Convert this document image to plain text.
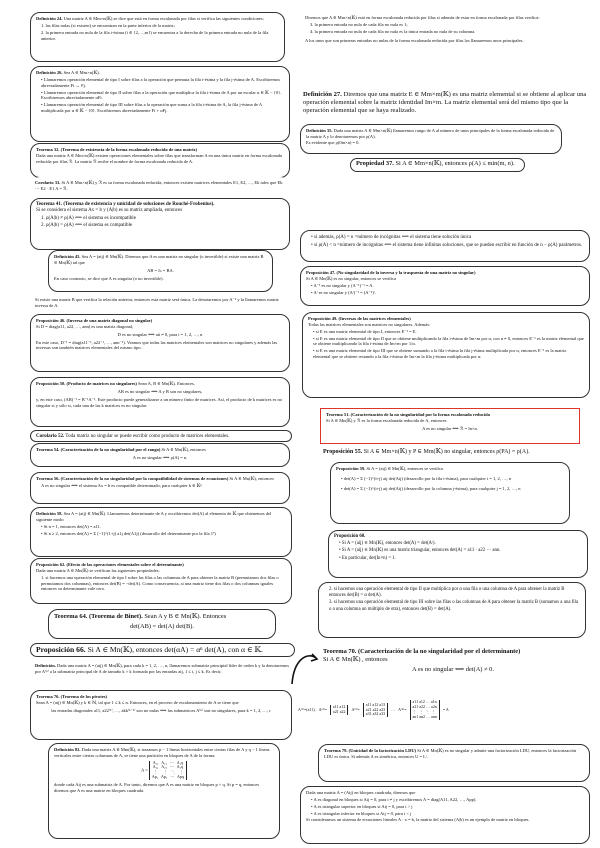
Definición 24. Una matriz A ∈ Mm×n(𝕂) se dice que está en forma escalonada por filas si verifica las siguientes condiciones:
1. las filas nulas (si existen) se encuentran en la parte inferior de la matriz;
2. la primera entrada no nula de la fila i-ésima (i ∈ {2,…,m}) se encuentra a la derecha de la primera entrada no nula de la fila anterior.
Definición 26. Sea A ∈ Mm×n(𝕂).
• Llamaremos operación elemental de tipo I sobre filas a la operación que permuta la fila i-ésima y la fila j-ésima de A. Escribiremos abreviadamente Fi ↔ Fj.
• Llamaremos operación elemental de tipo II sobre filas a la operación que multiplica la fila i-ésima de A por un escalar α ∈ 𝕂 − {0}. Escribiremos abreviadamente αFi.
• Llamaremos operación elemental de tipo III sobre filas a la operación que suma a la fila i-ésima de A, la fila j-ésima de A multiplicada por α ∈ 𝕂 − {0}. Escribiremos abreviadamente Fi + αFj.
Teorema 32. (Teorema de existencia de la forma escalonada reducida de una matriz)
Dada una matriz A ∈ Mm×n(𝕂) existen operaciones elementales sobre filas que transforman A en una única matriz en forma escalonada reducida por filas ℛ. La matriz ℛ recibe el nombre de forma escalonada reducida de A.
Corolario 33. Si A ∈ Mm×n(𝕂) y ℛ es su forma escalonada reducida, entonces existen matrices elementales E1, E2, …, Ek tales que Ek ⋯ E2 · E1 A = ℛ.
Teorema 41. (Teorema de existencia y unicidad de soluciones de Rouché-Frobenius).
Si se considera el sistema Ax = b y (A|b) es su matriz ampliada, entonces
1. ρ(A|b) ≠ ρ(A) ⟺ el sistema es incompatible
2. ρ(A|b) = ρ(A) ⟺ el sistema es compatible
Definición 45. Sea A = (aij) ∈ Mn(𝕂). Diremos que A es una matriz no singular (o invertible) si existe una matriz B ∈ Mn(𝕂) tal que
AB = Iₙ = BA.
En caso contrario, se dice que A es singular (o no invertible).
Si existe una matriz B que verifica la relación anterior, entonces esta matriz será única. La denotaremos por A⁻¹ y la llamaremos matriz inversa de A.
Proposición 46. (Inversa de una matriz diagonal no singular)
Si D = diag(a11, a22, …, ann) es una matriz diagonal,
D es no singular ⟺ aii ≠ 0, para i = 1, 2, …, n
En este caso, D⁻¹ = diag(a11⁻¹, a22⁻¹, …, ann⁻¹). Veamos que todas las matrices elementales son matrices no singulares y además las inversas son también matrices elementales del mismo tipo.
Proposición 50. (Producto de matrices no singulares) Sean A, B ∈ Mn(𝕂). Entonces,
AB es no singular ⟺ A y B son no singulares,
y, en este caso, (AB)⁻¹ = B⁻¹A⁻¹. Este producto puede generalizarse a un número finito de matrices. Así, el producto de k matrices es no singular si y sólo si, cada una de las k matrices es no singular.
Corolario 52. Toda matriz no singular se puede escribir como producto de matrices elementales.
Teorema 54. (Caracterización de la no singularidad por el rango) Si A ∈ Mn(𝕂), entonces
A es no singular ⟺ ρ(A) = n.
Teorema 56. (Caracterización de la no singularidad por la compatibilidad de sistemas de ecuaciones) Si A ∈ Mn(𝕂), entonces
A es no singular ⟺ el sistema Ax = b es compatible determinado, para cualquier b ∈ 𝕂ⁿ
Definición 58. Sea A = (aij) ∈ Mn(𝕂). Llamaremos determinante de A y escribiremos det(A) al elemento de 𝕂 que obtenemos del siguiente modo
• Si n = 1, entonces det(A) = a11.
• Si n ≥ 2, entonces det(A) = Σ (−1)^(1+j) a1j det(A1j) (desarrollo del determinante por la fila 1ª)
Proposición 62. (Efecto de las operaciones elementales sobre el determinante)
Dada una matriz A ∈ Mn(𝕂) se verifican las siguientes propiedades:
1. si hacemos una operación elemental de tipo I sobre las filas o las columnas de A para obtener la matriz B (permutamos dos filas o permutamos dos columnas), entonces det(B) = −det(A). Como consecuencia, si una matriz tiene dos filas o dos columnas iguales entonces su determinante vale cero.
Teorema 64. (Teorema de Binet). Sean A y B ∈ Mn(𝕂). Entonces
det(AB) = det(A) det(B).
Proposición 66. Si A ∈ Mn(𝕂), entonces det(αA) = αⁿ det(A), con α ∈ 𝕂.
Definición. Dada una matriz A = (aij) ∈ Mn(𝕂), para cada k = 1, 2, …, n, llamaremos submatriz principial líder de orden k y la denotaremos por A⁽ᵏ⁾ a la submatriz principal de A de tamaño k × k formada por las entradas aij, 1 ≤ i, j ≤ k. Es decir,
Teorema 76. (Teorema de los pivotes)
Sean A = (aij) ∈ Mn(𝕂) y k ∈ ℕ, tal que 1 ≤ k ≤ n. Entonces, en el proceso de escalonamiento de A se tiene que
las entradas diagonales a11, a22⁽¹⁾, …, akk⁽ᵏ⁻¹⁾ son no nulas ⟺ las submatrices A⁽ᵏ⁾ son no singulares, para k = 1, 2, …, r
Definición 82. Dada una matriz A ∈ Mm(𝕂), si trazamos p − 1 líneas horizontales entre ciertas filas de A y q − 1 líneas verticales entre ciertas columnas de A, se tiene una partición en bloques de A de la forma:
A =
A₁₁   A₁₂   ⋯   A₁q
A₂₁   A₂₂   ⋯   A₂q
⋮      ⋮    ⋱    ⋮
Ap₁   Ap₂   ⋯   Apq
donde cada Aij es una submatriz de A. Por tanto, diremos que A es una matriz en bloques p × q. Si p = q, entonces diremos que A es una matriz en bloques cuadrada.
Diremos que A ∈ Mm×n(𝕂) está en forma escalonada reducida por filas si además de estar en forma escalonada por filas verifica:
3. la primera entrada no nula de cada fila no nula es 1;
4. la primera entrada no nula de cada fila no nula es la única entrada no nula de su columna.
A los unos que son primeras entradas no nulas de la forma escalonada reducida por filas los llamaremos unos principales.
Definición 27. Diremos que una matriz E ∈ Mm×m(𝕂) es una matriz elemental si se obtiene al aplicar una operación elemental sobre la matriz identidad Im×m. La matriz elemental será del mismo tipo que la operación elemental que se haya realizado.
Definición 35. Dada una matriz A ∈ Mm×n(𝕂) llamaremos rango de A al número de unos principales de la forma escalonada reducida de la matriz A y lo denotaremos por ρ(A).
Es evidente que ρ(0m×n) = 0.
Propiedad 37. Si A ∈ Mm×n(𝕂), entonces ρ(A) ≤ min(m, n).
• si además, ρ(A) = n =número de incógnitas ⟺ el sistema tiene solución única
• si ρ(A) < n =número de incógnitas ⟺ el sistema tiene infinitas soluciones, que se pueden escribir en función de n − ρ(A) parámetros.
Proposición 47. (No singularidad de la inversa y la traspuesta de una matriz no singular)
Si A ∈ Mn(𝕂) es no singular, entonces se verifica
• A⁻¹ es no singular y (A⁻¹)⁻¹ = A.
• Aᵗ es no singular y (Aᵗ)⁻¹ = (A⁻¹)ᵗ.
Proposición 49. (Inversas de las matrices elementales)
Todas las matrices elementales son matrices no singulares. Además:
• si E es una matriz elemental de tipo I, entonces E⁻¹ = E.
• si E es una matriz elemental de tipo II que se obtiene multiplicando la fila i-ésima de Im×m por α, con α ≠ 0, entonces E⁻¹ es la matriz elemental que se obtiene multiplicando la fila i-ésima de Im×m por 1/α.
• si E es una matriz elemental de tipo III que se obtiene sumando a la fila i-ésima la fila j-ésima multiplicada por α, entonces E⁻¹ es la matriz elemental que se obtiene restando a la fila i-ésima de Im×m la fila j-ésima multiplicada por α.
Teorema 51. (Caracterización de la no singularidad por la forma escalonada reducida
Si A ∈ Mn(𝕂) y ℛ es la forma escalonada reducida de A, entonces
A es no singular ⟺ ℛ = In×n.
Proposición 55. Si A ∈ Mm×n(𝕂) y P ∈ Mm(𝕂) no singular, entonces ρ(PA) = ρ(A).
Proposición 59. Si A = (aij) ∈ Mn(𝕂), entonces se verifica
• det(A) = Σ (−1)^(i+j) aij det(Aij) (desarrollo por la fila i-ésima), para cualquier i = 1, 2, …, n
• det(A) = Σ (−1)^(i+j) aij det(Aij) (desarrollo por la columna j-ésima), para cualquier j = 1, 2, …, n
Proposición 60.
• Si A = (aij) ∈ Mn(𝕂), entonces det(A) = det(Aᵗ).
• Si A = (aij) ∈ Mn(𝕂) es una matriz triangular, entonces det(A) = a11 · a22 ⋯ ann.
• En particular, det(In×n) = 1.
2. si hacemos una operación elemental de tipo II que multiplica por α una fila o una columna de A para obtener la matriz B entonces det(B) = α det(A).
3. si hacemos una operación elemental de tipo III sobre las filas o las columnas de A para obtener la matriz B (sumamos a una fila o a una columna un múltiplo de otra), entonces det(B) = det(A).
Teorema 70. (Caracterización de la no singularidad por el determinante)
Si A ∈ Mn(𝕂) , entonces
A es no singular ⟺ det(A) ≠ 0.
A⁽¹⁾=(a11), A⁽²⁾=
a11 a12
a21 a22 A⁽³⁾=
a11 a12 a13
a21 a22 a23
a31 a32 a33
… A⁽ⁿ⁾=
a11 a12 … a1n
a21 a22 … a2n
⋮   ⋮  ⋱  ⋮
an1 an2 … ann
= A
Teorema 79. (Unicidad de la factorización LDU) Si A ∈ Mn(𝕂) es no singular y admite una factorización LDU, entonces la factorización LDU es única. Si además A es simétrica, entonces U = Lᵗ.
Dada una matriz A = (Aij) en bloques cuadrada, diremos que
• A es diagonal en bloques si Aij = 0, para i ≠ j y escribiremos A = diag(A11, A22, …, App).
• A es triangular superior en bloques si Aij = 0, para i > j
• A es triangular inferior en bloques si Aij = 0, para i < j
Si consideramos un sistema de ecuaciones lineales A · x = b, la matriz del sistema (A|b) es un ejemplo de matriz en bloques.
